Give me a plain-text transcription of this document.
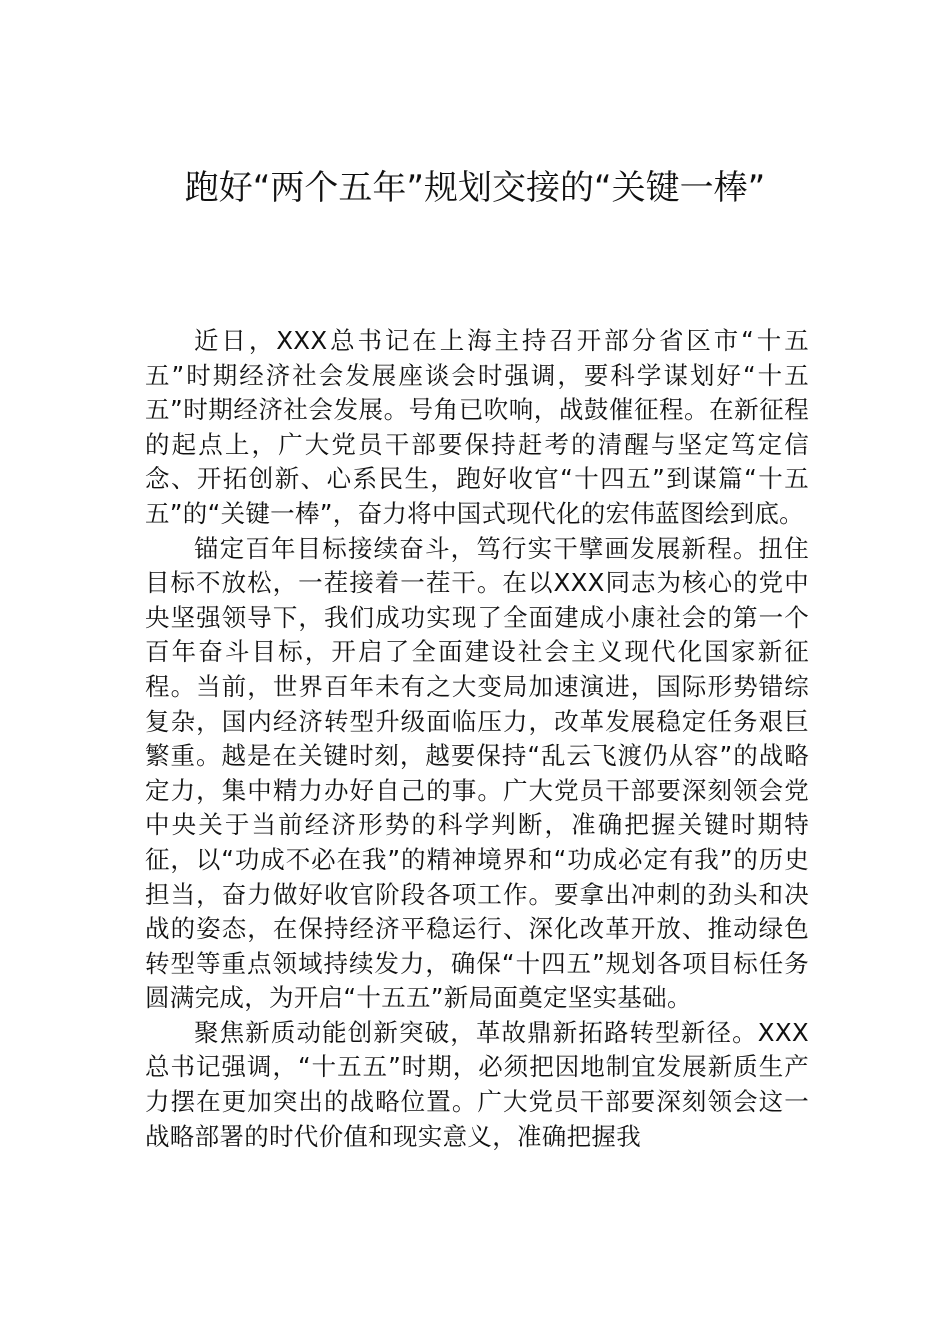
跑好“两个五年”规划交接的“关键一棒”

近日，XXX总书记在上海主持召开部分省区市“十五五”时期经济社会发展座谈会时强调，要科学谋划好“十五五”时期经济社会发展。号角已吹响，战鼓催征程。在新征程的起点上，广大党员干部要保持赶考的清醒与坚定笃定信念、开拓创新、心系民生，跑好收官“十四五”到谋篇“十五五”的“关键一棒”，奋力将中国式现代化的宏伟蓝图绘到底。

锚定百年目标接续奋斗，笃行实干擘画发展新程。扭住目标不放松，一茬接着一茬干。在以XXX同志为核心的党中央坚强领导下，我们成功实现了全面建成小康社会的第一个百年奋斗目标，开启了全面建设社会主义现代化国家新征程。当前，世界百年未有之大变局加速演进，国际形势错综复杂，国内经济转型升级面临压力，改革发展稳定任务艰巨繁重。越是在关键时刻，越要保持“乱云飞渡仍从容”的战略定力，集中精力办好自己的事。广大党员干部要深刻领会党中央关于当前经济形势的科学判断，准确把握关键时期特征，以“功成不必在我”的精神境界和“功成必定有我”的历史担当，奋力做好收官阶段各项工作。要拿出冲刺的劲头和决战的姿态，在保持经济平稳运行、深化改革开放、推动绿色转型等重点领域持续发力，确保“十四五”规划各项目标任务圆满完成，为开启“十五五”新局面奠定坚实基础。

聚焦新质动能创新突破，革故鼎新拓路转型新径。XXX总书记强调，“十五五”时期，必须把因地制宜发展新质生产力摆在更加突出的战略位置。广大党员干部要深刻领会这一战略部署的时代价值和现实意义，准确把握我
